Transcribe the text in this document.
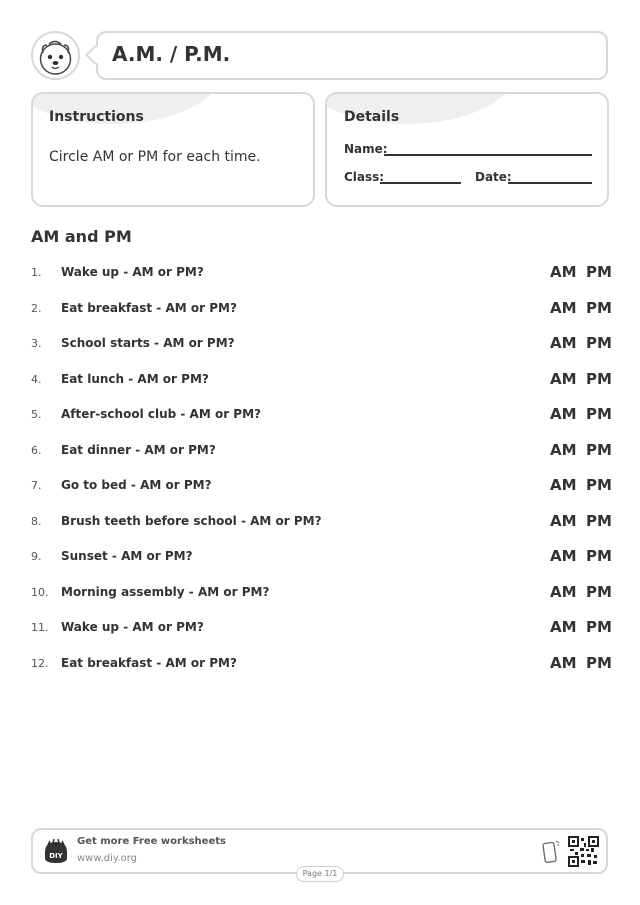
A.M. / P.M.
Instructions
Circle AM or PM for each time.
Details
Name:
Class:	Date:
AM and PM
1. Wake up - AM or PM?	AM PM
2. Eat breakfast - AM or PM?	AM PM
3. School starts - AM or PM?	AM PM
4. Eat lunch - AM or PM?	AM PM
5. After-school club - AM or PM?	AM PM
6. Eat dinner - AM or PM?	AM PM
7. Go to bed - AM or PM?	AM PM
8. Brush teeth before school - AM or PM?	AM PM
9. Sunset - AM or PM?	AM PM
10. Morning assembly - AM or PM?	AM PM
11. Wake up - AM or PM?	AM PM
12. Eat breakfast - AM or PM?	AM PM
DIY
Get more Free worksheets
www.diy.org
Page 1/1
